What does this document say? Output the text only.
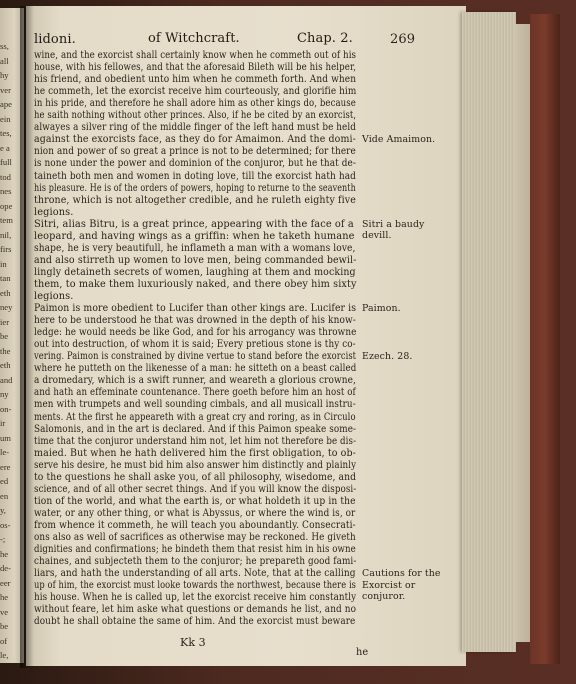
ss,
all
hy
ver
ape
ein
tes,
e a
full
tod
nes
ope
tem
nil,
firs
in
tan
eth
ney
ier
be
the
eth
and
ny
on-
ir
um
le-
ere
ed
en
y,
os-
-;
he
de-
eer
he
ve
be
of
le,
lidoni.	of Witchcraft.	Chap. 2.	269
wine, and the exorcist shall certainly know when he commeth out of his
house, with his fellowes, and that the aforesaid Bileth will be his helper,
his friend, and obedient unto him when he commeth forth. And when
he commeth, let the exorcist receive him courteously, and glorifie him
in his pride, and therefore he shall adore him as other kings do, because
he saith nothing without other princes. Also, if he be cited by an exorcist,
alwayes a silver ring of the middle finger of the left hand must be held
against the exorcists face, as they do for Amaimon. And the domi-
nion and power of so great a prince is not to be determined; for there
is none under the power and dominion of the conjuror, but he that de-
taineth both men and women in doting love, till the exorcist hath had
his pleasure. He is of the orders of powers, hoping to returne to the seaventh
throne, which is not altogether credible, and he ruleth eighty five
legions.
Sitri, alias Bitru, is a great prince, appearing with the face of a
leopard, and having wings as a griffin: when he taketh humane
shape, he is very beautifull, he inflameth a man with a womans love,
and also stirreth up women to love men, being commanded bewil-
lingly detaineth secrets of women, laughing at them and mocking
them, to make them luxuriously naked, and there obey him sixty
legions.
Paimon is more obedient to Lucifer than other kings are. Lucifer is
here to be understood he that was drowned in the depth of his know-
ledge: he would needs be like God, and for his arrogancy was throwne
out into destruction, of whom it is said; Every pretious stone is thy co-
vering. Paimon is constrained by divine vertue to stand before the exorcist
where he putteth on the likenesse of a man: he sitteth on a beast called
a dromedary, which is a swift runner, and weareth a glorious crowne,
and hath an effeminate countenance. There goeth before him an host of
men with trumpets and well sounding cimbals, and all musicall instru-
ments. At the first he appeareth with a great cry and roring, as in Circulo
Salomonis, and in the art is declared. And if this Paimon speake some-
time that the conjuror understand him not, let him not therefore be dis-
maied. But when he hath delivered him the first obligation, to ob-
serve his desire, he must bid him also answer him distinctly and plainly
to the questions he shall aske you, of all philosophy, wisedome, and
science, and of all other secret things. And if you will know the disposi-
tion of the world, and what the earth is, or what holdeth it up in the
water, or any other thing, or what is Abyssus, or where the wind is, or
from whence it commeth, he will teach you aboundantly. Consecrati-
ons also as well of sacrifices as otherwise may be reckoned. He giveth
dignities and confirmations; he bindeth them that resist him in his owne
chaines, and subjecteth them to the conjuror; he prepareth good fami-
liars, and hath the understanding of all arts. Note, that at the calling
up of him, the exorcist must looke towards the northwest, because there is
his house. When he is called up, let the exorcist receive him constantly
without feare, let him aske what questions or demands he list, and no
doubt he shall obtaine the same of him. And the exorcist must beware
Vide Amaimon.
Sitri a baudy
devill.
Paimon.
Ezech. 28.
Cautions for the
Exorcist or
conjuror.
Kk 3
he
